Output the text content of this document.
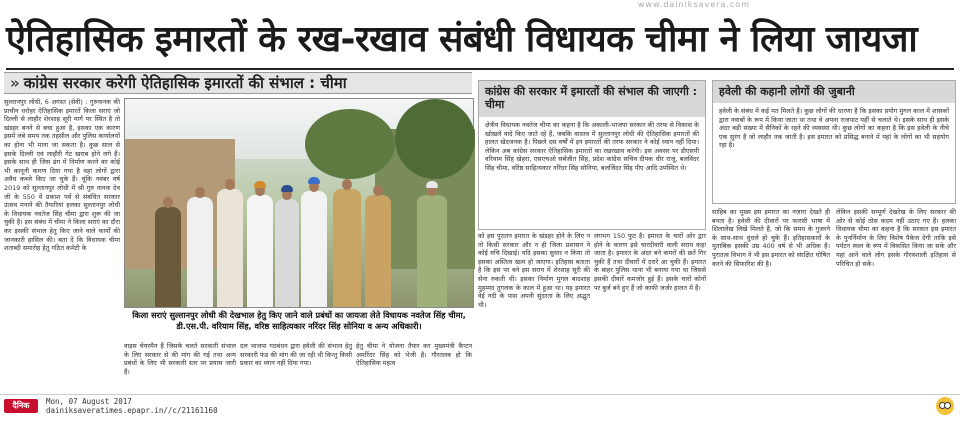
www.dainiksavera.com
ऐतिहासिक इमारतों के रख-रखाव संबंधी विधायक चीमा ने लिया जायजा
» कांग्रेस सरकार करेगी ऐतिहासिक इमारतों की संभाल : चीमा
सुल्तानपुर लोधी, 6 अगस्त (सेवी) : गुरुनानक की प्राचीन धरोहर ऐतिहासिक इमारतें किला सराएं जो दिल्ली से लाहौर शेरशाह सूरी मार्ग पर स्थित है तो खंडहर बनने से बचा हुआ है, इसका एक कारण इसमें लंबे समय तक तहसील और पुलिस कार्यालयों का होना भी माना जा सकता है। कुछ साल से इसके दिल्ली एवं लाहौरी गेट खराब होने लगे हैं। इसके साथ ही जिस ढंग में निर्माण करने का कोई भी कानूनी कारण दिया गया है वहां लोगों द्वारा अवैध कब्जे किए जा चुके हैं। चूंकि नवंबर वर्ष 2019 को सुल्तानपुर लोधी में श्री गुरु नानक देव जी के 550 वें प्रकाश पर्व से संबंधित सरकार उत्सव मनाने की तैयारियां हलका सुल्तानपुर लोधी के विधायक नवतेज सिंह चीमा द्वारा शुरू की जा चुकी है। इस संबंध में चीमा ने किला सराएं का दौरा कर इसकी संभाल हेतु किए जाने वाले कार्यों की जानकारी हासिल की। बता दें कि विधायक चीमा शताब्दी समारोह हेतु गठित कमेटी के
किला सराएं सुल्तानपुर लोधी की देखभाल हेतु किए जाने वाले प्रबंधों का जायजा लेते विधायक नवतेज सिंह चीमा, डी.एस.पी. वरियाम सिंह, वरिष्ठ साहित्यकार नरिंदर सिंह सोनिया व अन्य अधिकारी।
वाइस चेयरमैन हैं जिसके चलते सरकारी संभाल के लिए सरकार से की मांग की गई तथा अन्य प्रबंधों के लिए भी सरकारी स्तर पर प्रयास जारी हैं।
दल भाजपा गठबंधन द्वारा हवेली की संभाल हेतु सरकारी फंड की मांग की जा रही थी किन्तु किसी प्रकार का ध्यान नहीं दिया गया।
हेतु चीमा ने योजना तैयार कर मुख्यमंत्री कैप्टन अमरिंदर सिंह को भेजी है। गौरतलब हो कि ऐतिहासिक महत्व
कांग्रेस की सरकार में इमारतों की संभाल की जाएगी : चीमा
क्षेत्रीय विधायक नवतेज चीमा का कहना है कि अकाली-भाजपा सरकार की तरफ से विकास के खोखले वादे किए जाते रहे हैं, जबकि वास्तव में सुल्तानपुर लोधी की ऐतिहासिक इमारतों की हालत खेदजनक है। पिछले दस वर्षों में इन इमारतों की तरफ सरकार ने कोई ध्यान नहीं दिया। लेकिन अब कांग्रेस सरकार ऐतिहासिक इमारतों का रखरखाव करेगी। इस अवसर पर डीएसपी वरियाम सिंह खेहरा, एसएचओ सर्बजीत सिंह, प्रदेश कांग्रेस सचिव दीपक धीर राजू, बलविंदर सिंह चीमा, वरिष्ठ साहित्यकार नरिंदर सिंह सोनिया, बलजिंदर सिंह पीए आदि उपस्थित थे।
को इस पुरातन इमारत के खंडहर होने के लिए न तो किसी सरकार और न ही जिला प्रशासन ने कोई रुचि दिखाई। यदि इसका सुधार न किया तो इसका अस्तित्व खत्म हो जाएगा। इतिहास बताता है कि इस पर बने इस सराय में शेरशाह सूरी की सेना रुकती थी। इसका निर्माण मुगल बादशाह मुहम्मद तुगलक के काल में हुआ था। यह इमारत वेई नदी के पास अपनी सुंदरता के लिए अद्भुत थी।
लगभग 150 फुट है। इमारत के चारों ओर द्वार होने के कारण इसे चारदीवारी वाली सराय कहा जाता है। इमारत के अंदर बने कमरों की छतें गिर चुकी हैं तथा दीवारों में दरारें आ चुकी हैं। इमारत के बाहर पुलिस थाना भी बनाया गया था जिससे इसकी दीवारें कमजोर हुई हैं। इसके चारों कोनों पर बुर्ज बने हुए हैं जो काफी जर्जर हालत में हैं।
हवेली की कहानी लोगों की जुबानी
हवेली के संबंध में कई मत मिलते हैं। कुछ लोगों की धारणा है कि इसका प्रयोग मुगल काल में शासकों द्वारा नवाबों के रूप में किया जाता था तथा वे अपना राजपाट यहीं से चलाते थे। इसके साथ ही इसके अंदर बड़ी संख्या में सैनिकों के रहने की व्यवस्था थी। कुछ लोगों का कहना है कि इस हवेली के नीचे एक सुरंग है जो लाहौर तक जाती है। इस इमारत को प्रसिद्ध बनाने में यहां के लोगों का भी सहयोग रहा है।
साहिब का मुख्य इस इमारत का नज़ारा देखते ही बनता है। हवेली की दीवारों पर फारसी भाषा में शिलालेख लिखे मिलते हैं, जो कि समय के गुजरने के साथ-साथ धुंधले हो चुके हैं। इतिहासकारों के मुताबिक इसकी उम्र 400 वर्ष से भी अधिक है। पुरातत्व विभाग ने भी इस इमारत को संरक्षित घोषित करने की सिफारिश की है।
लेकिन इसकी सम्पूर्ण देखरेख के लिए सरकार की ओर से कोई ठोस कदम नहीं उठाए गए हैं। हलका विधायक चीमा का कहना है कि सरकार इस इमारत के पुनर्निर्माण के लिए विशेष पैकेज देगी ताकि इसे पर्यटन स्थल के रूप में विकसित किया जा सके और यहां आने वाले लोग इसके गौरवशाली इतिहास से परिचित हो सकें।
दैनिक सवेरा
Mon, 07 August 2017
dainiksaveratimes.epapr.in//c/21161160
